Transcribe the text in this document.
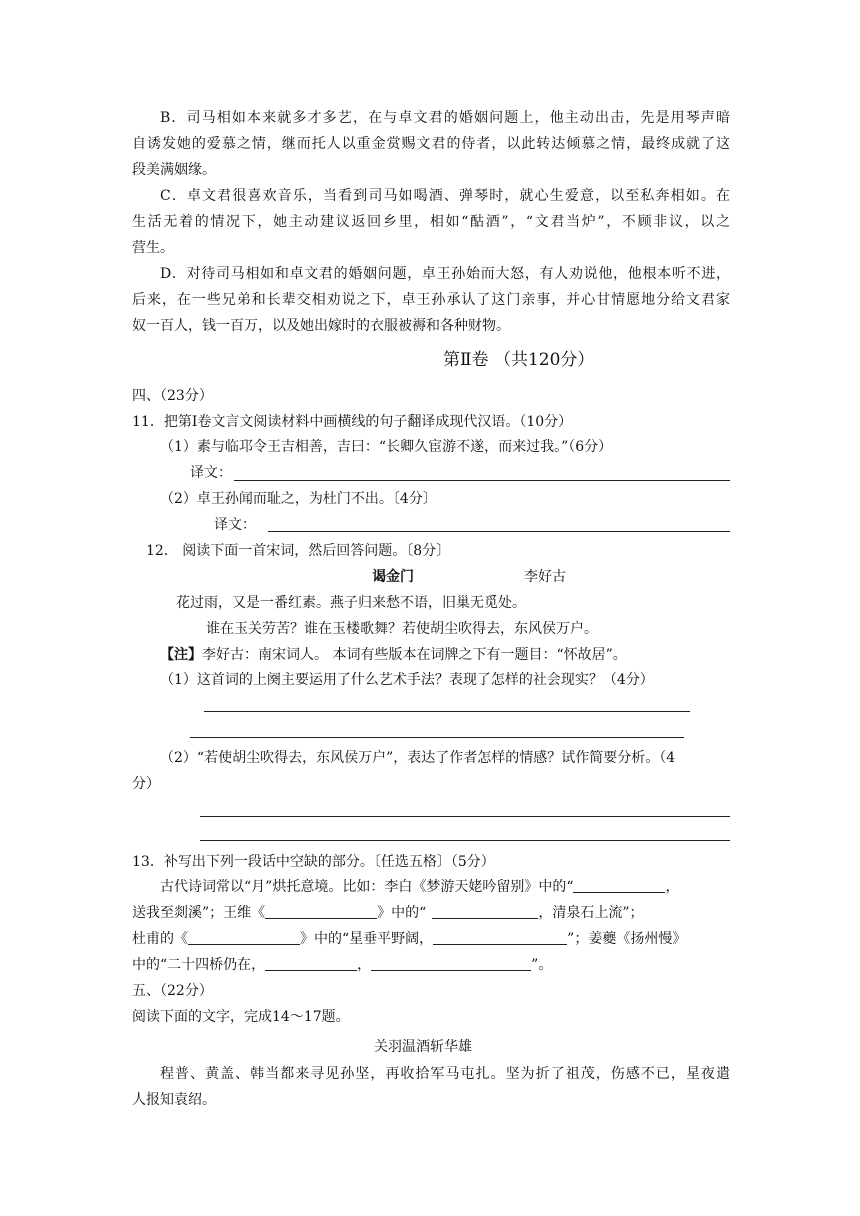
B．司马相如本来就多才多艺，在与卓文君的婚姻问题上，他主动出击，先是用琴声暗
自诱发她的爱慕之情，继而托人以重金赏赐文君的侍者，以此转达倾慕之情，最终成就了这
段美满姻缘。
C．卓文君很喜欢音乐，当看到司马如喝酒、弹琴时，就心生爱意，以至私奔相如。在
生活无着的情况下，她主动建议返回乡里，相如“酤酒”，“文君当炉”，不顾非议，以之
营生。
D．对待司马相如和卓文君的婚姻问题，卓王孙始而大怒，有人劝说他，他根本听不进，
后来，在一些兄弟和长辈交相劝说之下，卓王孙承认了这门亲事，并心甘情愿地分给文君家
奴一百人，钱一百万，以及她出嫁时的衣服被褥和各种财物。
第Ⅱ卷 （共120分）
四、（23分）
11．把第Ⅰ卷文言文阅读材料中画横线的句子翻译成现代汉语。（10分）
（1）素与临邛令王吉相善，吉曰：“长卿久宦游不遂，而来过我。”（6分）
译文：
（2）卓王孙闻而耻之，为杜门不出。〔4分〕
译文：
12． 阅读下面一首宋词，然后回答问题。〔8分〕
谒金门	李好古
花过雨，又是一番红素。燕子归来愁不语，旧巢无觅处。
谁在玉关劳苦？谁在玉楼歌舞？若使胡尘吹得去，东风侯万户。
【注】李好古：南宋词人。 本词有些版本在词牌之下有一题目：“怀故居”。
（1）这首词的上阕主要运用了什么艺术手法？表现了怎样的社会现实？（4分）
（2）“若使胡尘吹得去，东风侯万户”，表达了作者怎样的情感？试作简要分析。（4
分）
13．补写出下列一段话中空缺的部分。〔任选五格〕（5分）
古代诗词常以“月”烘托意境。比如：李白《梦游天姥吟留别》中的“	，
送我至剡溪”；王维《	》中的“	，清泉石上流”；
杜甫的《	》中的“星垂平野阔，	”；姜夔《扬州慢》
中的“二十四桥仍在，	，	”。
五、（22分）
阅读下面的文字，完成14～17题。
关羽温酒斩华雄
程普、黄盖、韩当都来寻见孙坚，再收拾军马屯扎。坚为折了祖茂，伤感不已，星夜遣
人报知袁绍。
